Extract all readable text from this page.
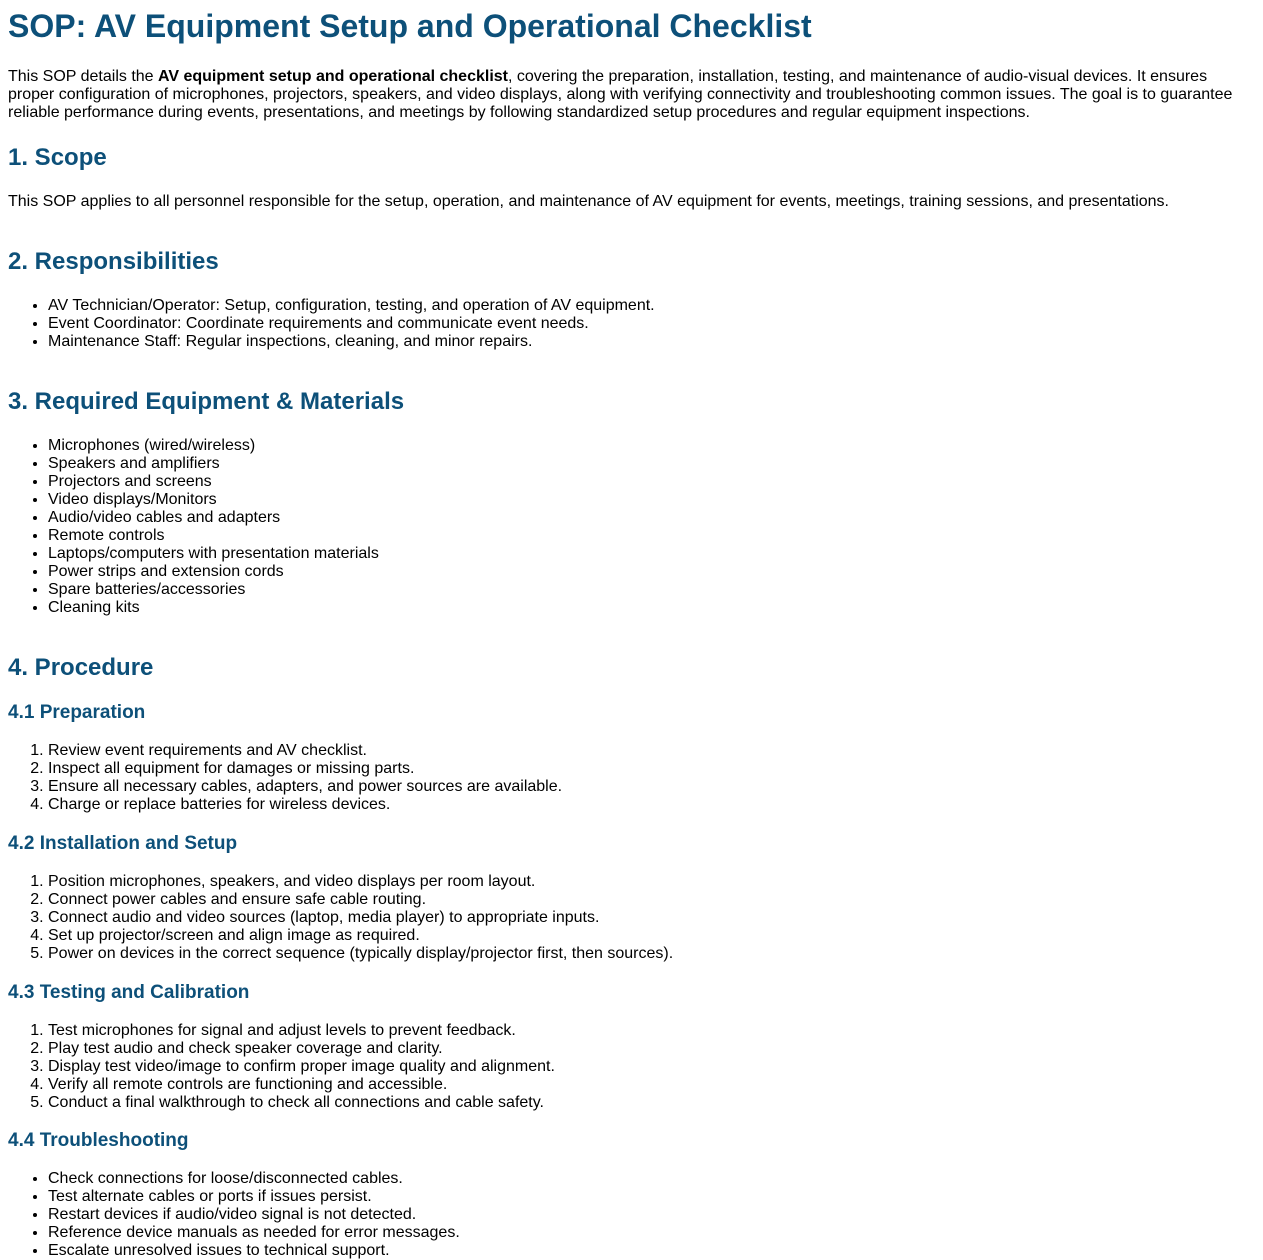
SOP: AV Equipment Setup and Operational Checklist

This SOP details the AV equipment setup and operational checklist, covering the preparation, installation, testing, and maintenance of audio-visual devices. It ensures proper configuration of microphones, projectors, speakers, and video displays, along with verifying connectivity and troubleshooting common issues. The goal is to guarantee reliable performance during events, presentations, and meetings by following standardized setup procedures and regular equipment inspections.

1. Scope

This SOP applies to all personnel responsible for the setup, operation, and maintenance of AV equipment for events, meetings, training sessions, and presentations.

2. Responsibilities
• AV Technician/Operator: Setup, configuration, testing, and operation of AV equipment.
• Event Coordinator: Coordinate requirements and communicate event needs.
• Maintenance Staff: Regular inspections, cleaning, and minor repairs.
3. Required Equipment & Materials
• Microphones (wired/wireless)
• Speakers and amplifiers
• Projectors and screens
• Video displays/Monitors
• Audio/video cables and adapters
• Remote controls
• Laptops/computers with presentation materials
• Power strips and extension cords
• Spare batteries/accessories
• Cleaning kits
4. Procedure
4.1 Preparation
1. Review event requirements and AV checklist.
2. Inspect all equipment for damages or missing parts.
3. Ensure all necessary cables, adapters, and power sources are available.
4. Charge or replace batteries for wireless devices.
4.2 Installation and Setup
1. Position microphones, speakers, and video displays per room layout.
2. Connect power cables and ensure safe cable routing.
3. Connect audio and video sources (laptop, media player) to appropriate inputs.
4. Set up projector/screen and align image as required.
5. Power on devices in the correct sequence (typically display/projector first, then sources).
4.3 Testing and Calibration
1. Test microphones for signal and adjust levels to prevent feedback.
2. Play test audio and check speaker coverage and clarity.
3. Display test video/image to confirm proper image quality and alignment.
4. Verify all remote controls are functioning and accessible.
5. Conduct a final walkthrough to check all connections and cable safety.
4.4 Troubleshooting
• Check connections for loose/disconnected cables.
• Test alternate cables or ports if issues persist.
• Restart devices if audio/video signal is not detected.
• Reference device manuals as needed for error messages.
• Escalate unresolved issues to technical support.
